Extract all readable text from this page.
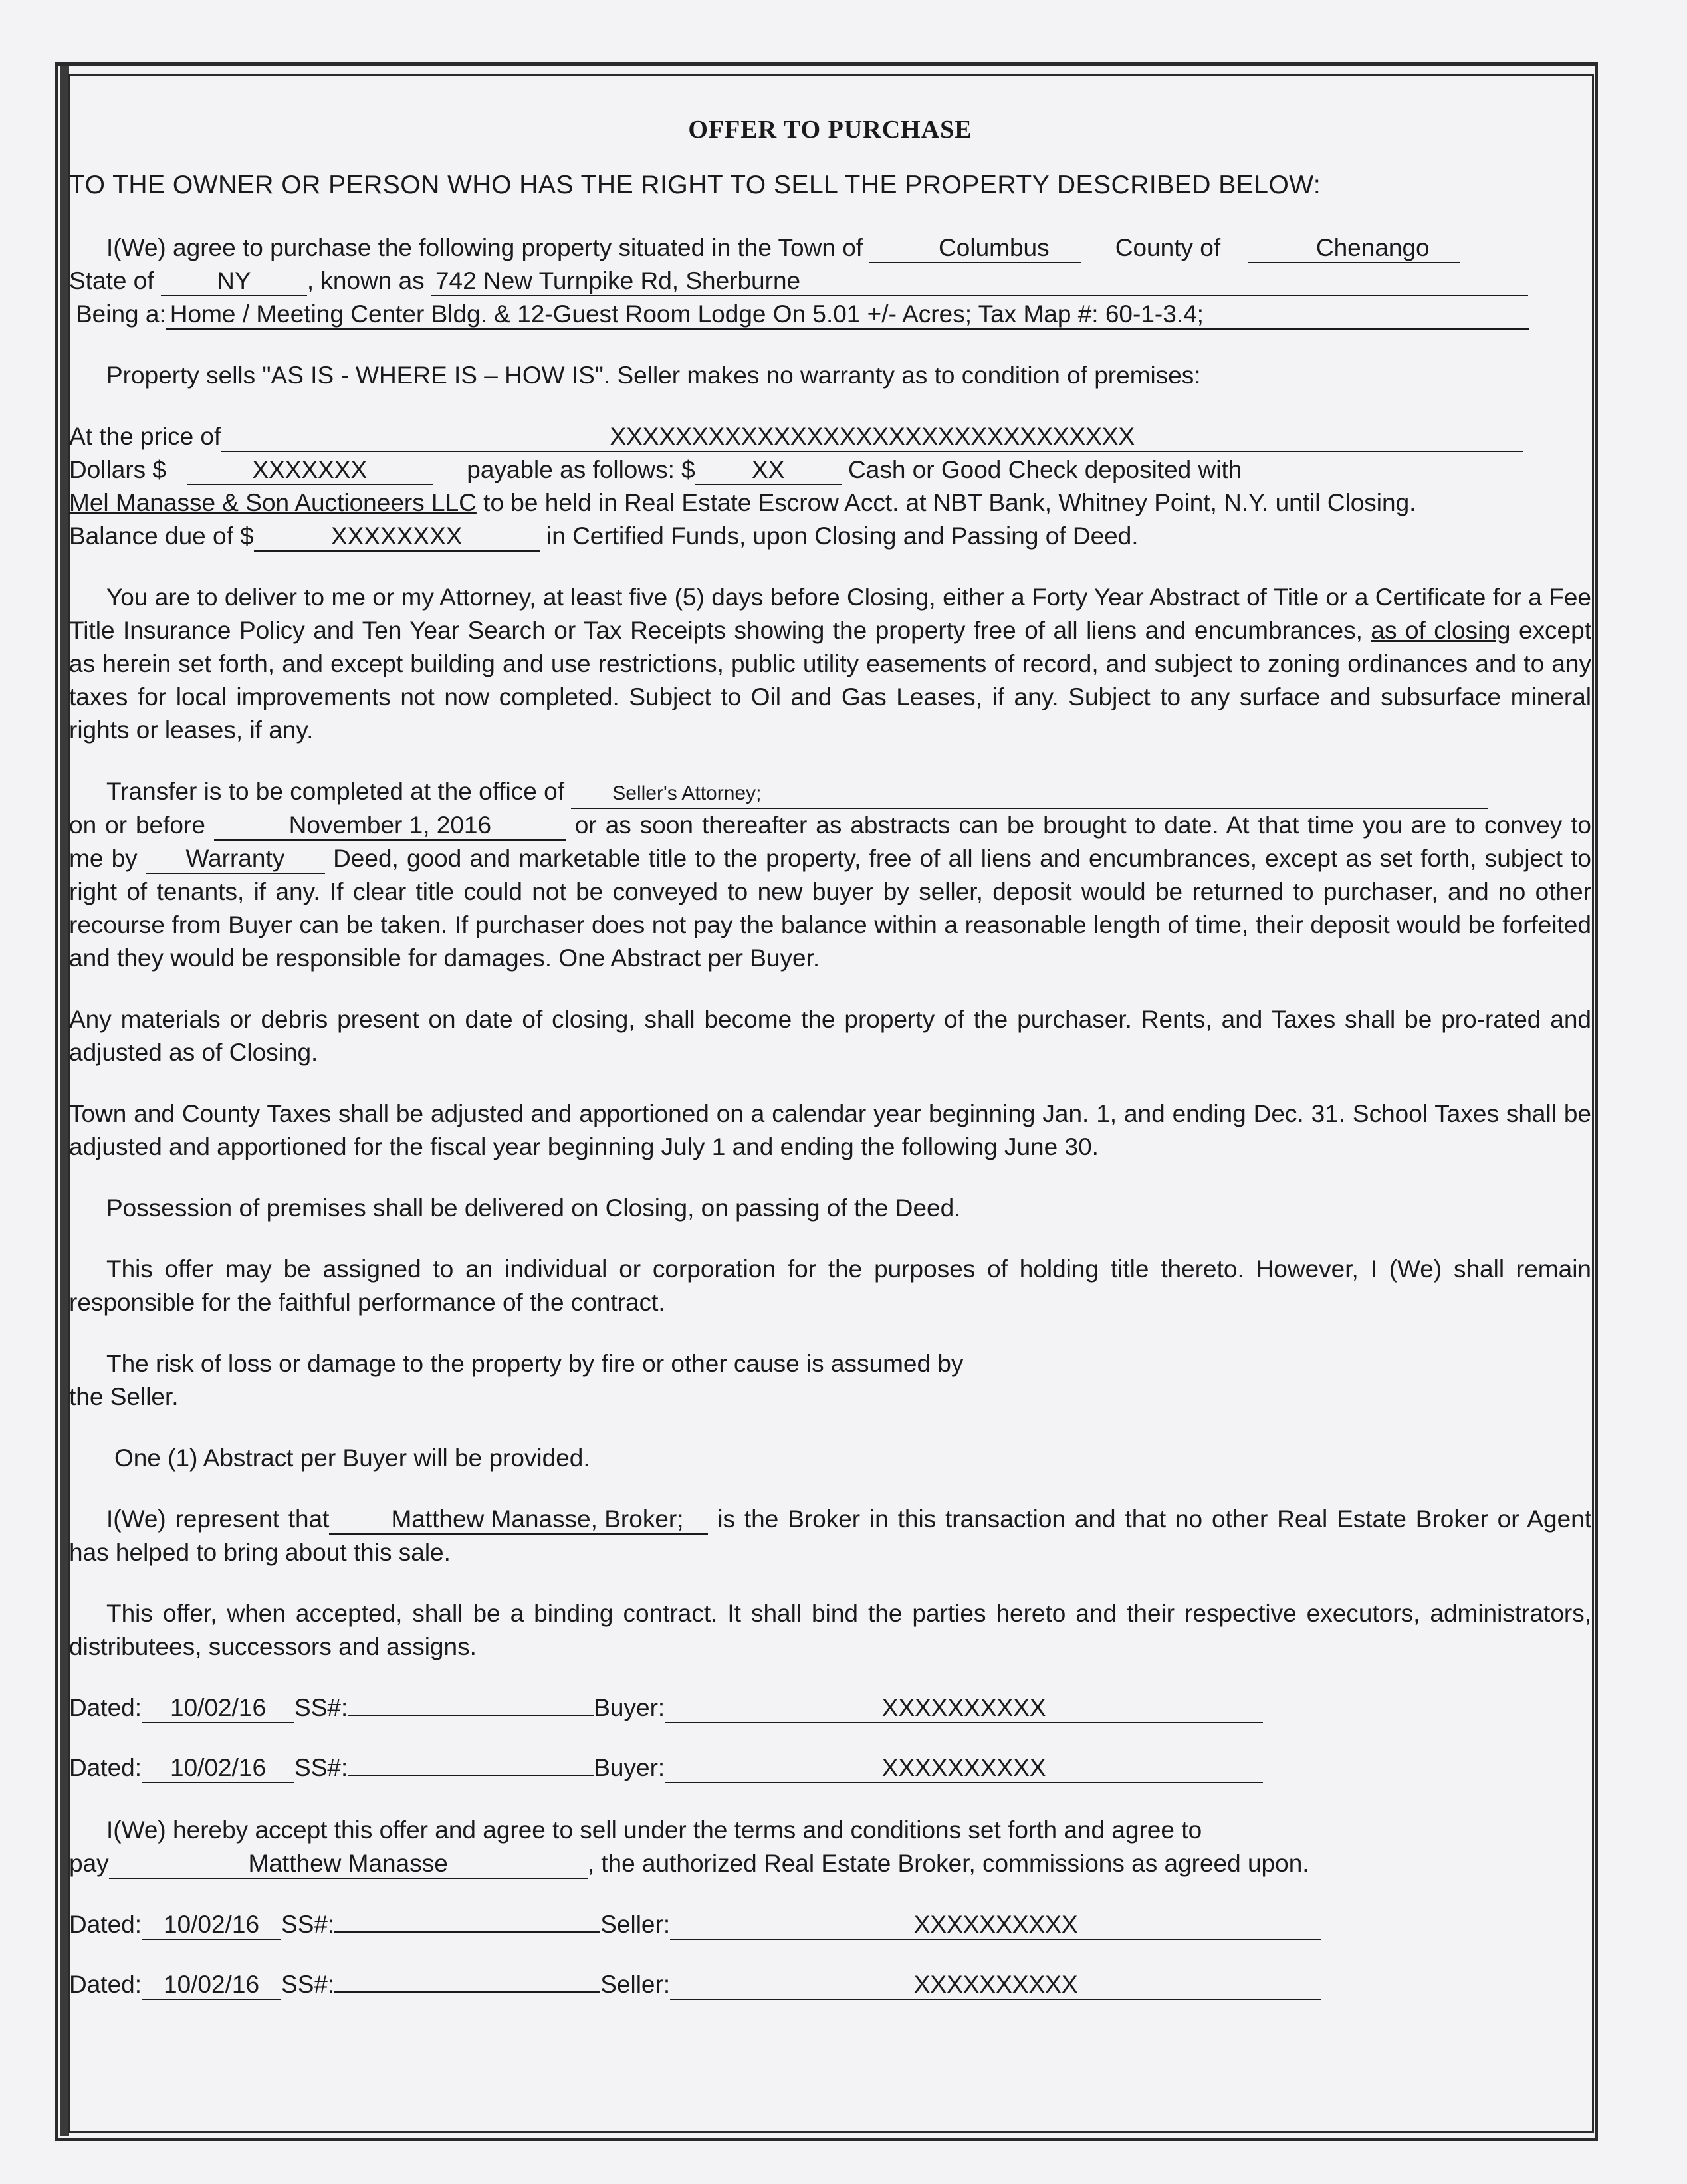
OFFER TO PURCHASE
TO THE OWNER OR PERSON WHO HAS THE RIGHT TO SELL THE PROPERTY DESCRIBED BELOW:
I(We) agree to purchase the following property situated in the Town of	Columbus	County of	Chenango
State of	NY , known as 742 New Turnpike Rd, Sherburne
Being a: Home / Meeting Center Bldg. & 12-Guest Room Lodge On 5.01 +/- Acres; Tax Map #: 60-1-3.4;

Property sells "AS IS - WHERE IS – HOW IS". Seller makes no warranty as to condition of premises:

At the price of	XXXXXXXXXXXXXXXXXXXXXXXXXXXXXXXX
Dollars $	XXXXXXX	payable as follows: $ XX	Cash or Good Check deposited with
Mel Manasse & Son Auctioneers LLC to be held in Real Estate Escrow Acct. at NBT Bank, Whitney Point, N.Y. until Closing.
Balance due of $	XXXXXXXX	in Certified Funds, upon Closing and Passing of Deed.

You are to deliver to me or my Attorney, at least five (5) days before Closing, either a Forty Year Abstract of Title or a Certificate for a Fee Title Insurance Policy and Ten Year Search or Tax Receipts showing the property free of all liens and encumbrances, as of closing except as herein set forth, and except building and use restrictions, public utility easements of record, and subject to zoning ordinances and to any taxes for local improvements not now completed. Subject to Oil and Gas Leases, if any. Subject to any surface and subsurface mineral rights or leases, if any.

Transfer is to be completed at the office of Seller's Attorney;

on or before	November 1, 2016	or as soon thereafter as abstracts can be brought to date. At that time you are to convey to me by Warranty Deed, good and marketable title to the property, free of all liens and encumbrances, except as set forth, subject to right of tenants, if any. If clear title could not be conveyed to new buyer by seller, deposit would be returned to purchaser, and no other recourse from Buyer can be taken. If purchaser does not pay the balance within a reasonable length of time, their deposit would be forfeited and they would be responsible for damages. One Abstract per Buyer.

Any materials or debris present on date of closing, shall become the property of the purchaser. Rents, and Taxes shall be pro-rated and adjusted as of Closing.

Town and County Taxes shall be adjusted and apportioned on a calendar year beginning Jan. 1, and ending Dec. 31. School Taxes shall be adjusted and apportioned for the fiscal year beginning July 1 and ending the following June 30.

Possession of premises shall be delivered on Closing, on passing of the Deed.

This offer may be assigned to an individual or corporation for the purposes of holding title thereto. However, I (We) shall remain responsible for the faithful performance of the contract.

The risk of loss or damage to the property by fire or other cause is assumed by
the Seller.

One (1) Abstract per Buyer will be provided.

I(We) represent that	Matthew Manasse, Broker; is the Broker in this transaction and that no other Real Estate Broker or Agent has helped to bring about this sale.

This offer, when accepted, shall be a binding contract. It shall bind the parties hereto and their respective executors, administrators, distributees, successors and assigns.

Dated: 10/02/16 SS#:	Buyer:	XXXXXXXXXX
Dated: 10/02/16 SS#:	Buyer:	XXXXXXXXXX
I(We) hereby accept this offer and agree to sell under the terms and conditions set forth and agree to
pay	Matthew Manasse	, the authorized Real Estate Broker, commissions as agreed upon.
Dated: 10/02/16 SS#:	Seller:	XXXXXXXXXX
Dated: 10/02/16 SS#:	Seller:	XXXXXXXXXX
